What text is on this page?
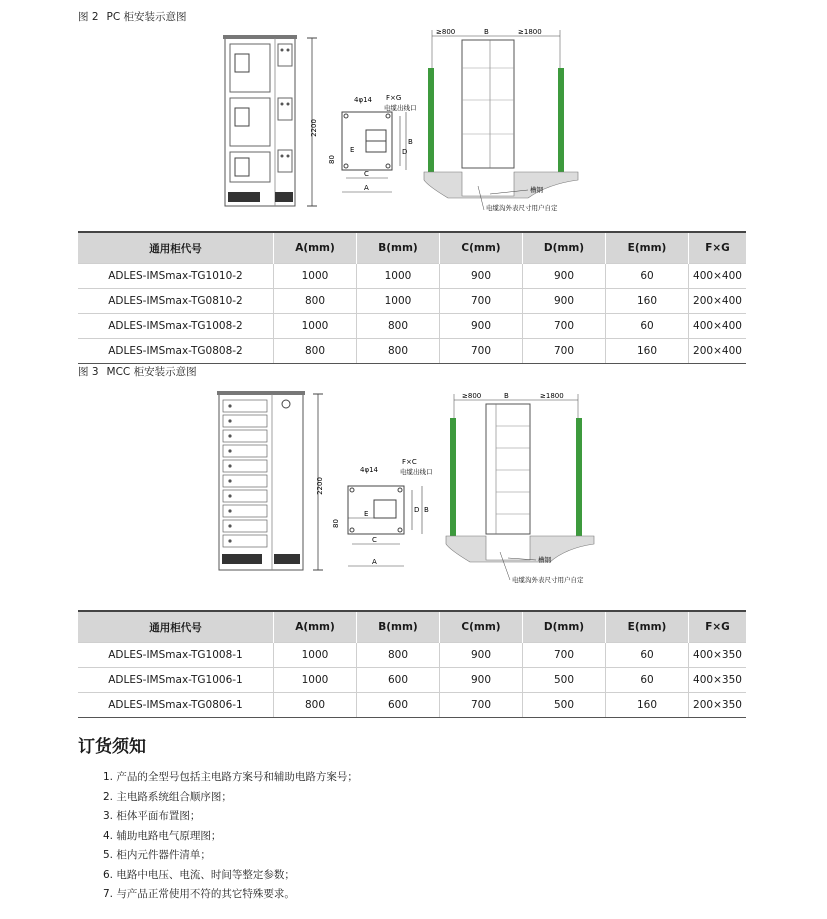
图 2 PC 柜安装示意图
2200
4φ14 F×G
电缆出线口
E	D
B
80
C
A
≥800	B	≥1800
槽钢
电缆沟外表尺寸用户自定
通用柜代号	A(mm)	B(mm)	C(mm)	D(mm)	E(mm)	F×G
ADLES-IMSmax-TG1010-2	1000	1000	900	900	60	400×400
ADLES-IMSmax-TG0810-2	800	1000	700	900	160	200×400
ADLES-IMSmax-TG1008-2	1000	800	900	700	60	400×400
ADLES-IMSmax-TG0808-2	800	800	700	700	160	200×400
图 3 MCC 柜安装示意图
2200
4φ14
F×C
电缆出线口
E	D B
80
C
A
≥800	B	≥1800
槽钢
电缆沟外表尺寸用户自定
通用柜代号	A(mm)	B(mm)	C(mm)	D(mm)	E(mm)	F×G
ADLES-IMSmax-TG1008-1	1000	800	900	700	60	400×350
ADLES-IMSmax-TG1006-1	1000	600	900	500	60	400×350
ADLES-IMSmax-TG0806-1	800	600	700	500	160	200×350
订货须知
1. 产品的全型号包括主电路方案号和辅助电路方案号；
2. 主电路系统组合顺序图；
3. 柜体平面布置图；
4. 辅助电路电气原理图；
5. 柜内元件器件清单；
6. 电路中电压、电流、时间等整定参数；
7. 与产品正常使用不符的其它特殊要求。
